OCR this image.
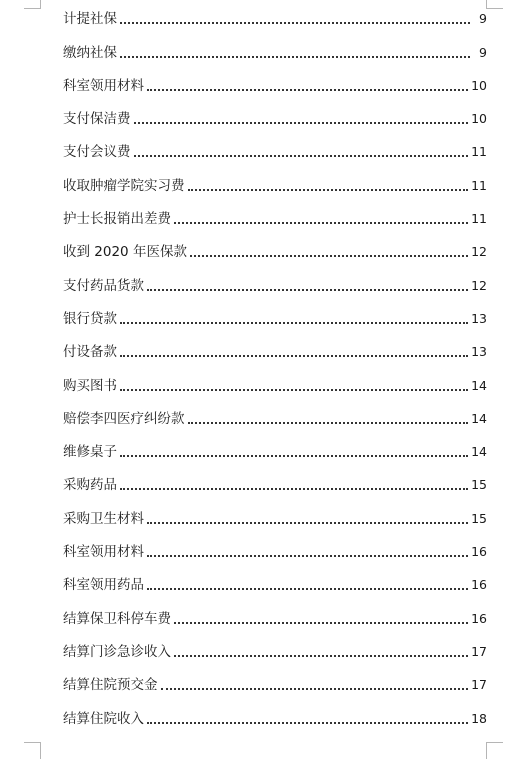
计提社保	9
缴纳社保	9
科室领用材料	10
支付保洁费	10
支付会议费	11
收取肿瘤学院实习费	11
护士长报销出差费	11
收到 2020 年医保款	12
支付药品货款	12
银行贷款	13
付设备款	13
购买图书	14
赔偿李四医疗纠纷款	14
维修桌子	14
采购药品	15
采购卫生材料	15
科室领用材料	16
科室领用药品	16
结算保卫科停车费	16
结算门诊急诊收入	17
结算住院预交金	17
结算住院收入	18
